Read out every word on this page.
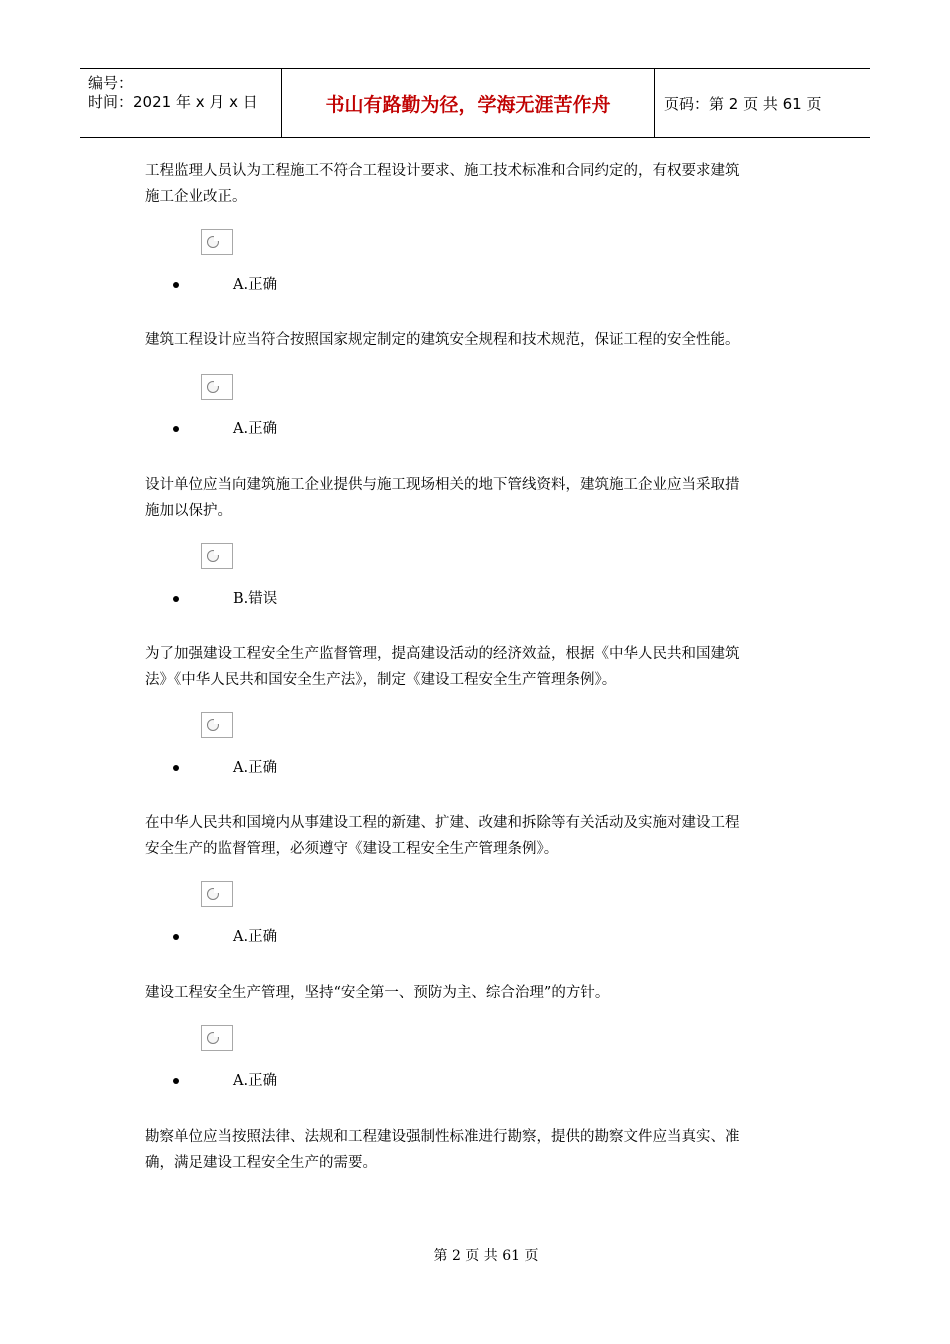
编号：
时间：2021 年 x 月 x 日	书山有路勤为径，学海无涯苦作舟	页码：第 2 页 共 61 页
工程监理人员认为工程施工不符合工程设计要求、施工技术标准和合同约定的，有权要求建筑
施工企业改正。
A.正确
建筑工程设计应当符合按照国家规定制定的建筑安全规程和技术规范，保证工程的安全性能。
A.正确
设计单位应当向建筑施工企业提供与施工现场相关的地下管线资料，建筑施工企业应当采取措
施加以保护。
B.错误
为了加强建设工程安全生产监督管理，提高建设活动的经济效益，根据《中华人民共和国建筑
法》《中华人民共和国安全生产法》，制定《建设工程安全生产管理条例》。
A.正确
在中华人民共和国境内从事建设工程的新建、扩建、改建和拆除等有关活动及实施对建设工程
安全生产的监督管理，必须遵守《建设工程安全生产管理条例》。
A.正确
建设工程安全生产管理，坚持“安全第一、预防为主、综合治理”的方针。
A.正确
勘察单位应当按照法律、法规和工程建设强制性标准进行勘察，提供的勘察文件应当真实、准
确，满足建设工程安全生产的需要。
第 2 页 共 61 页
